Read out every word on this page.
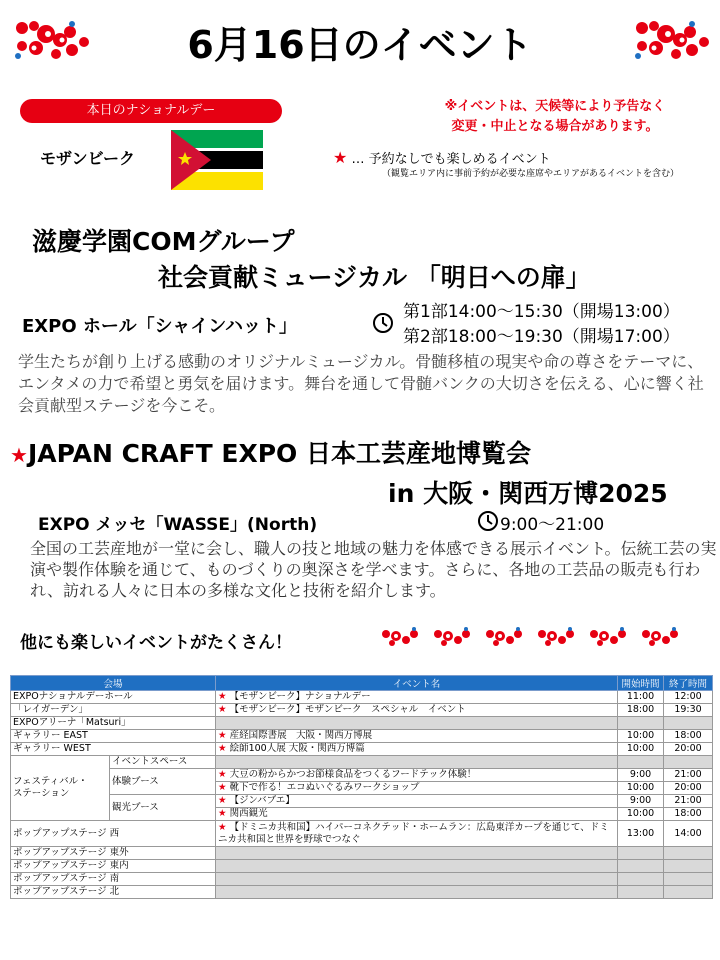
6月16日のイベント
本日のナショナルデー
モザンビーク
※イベントは、天候等により予告なく
変更・中止となる場合があります。
★ … 予約なしでも楽しめるイベント
（観覧エリア内に事前予約が必要な座席やエリアがあるイベントを含む）
滋慶学園COMグループ
社会貢献ミュージカル 「明日への扉」
EXPO ホール「シャインハット」
第1部14:00～15:30（開場13:00）
第2部18:00～19:30（開場17:00）
学生たちが創り上げる感動のオリジナルミュージカル。骨髄移植の現実や命の尊さをテーマに、エンタメの力で希望と勇気を届けます。舞台を通して骨髄バンクの大切さを伝える、心に響く社会貢献型ステージを今こそ。
★JAPAN CRAFT EXPO 日本工芸産地博覧会
in 大阪・関西万博2025
EXPO メッセ「WASSE」(North)	9:00～21:00
全国の工芸産地が一堂に会し、職人の技と地域の魅力を体感できる展示イベント。伝統工芸の実演や製作体験を通じて、ものづくりの奥深さを学べます。さらに、各地の工芸品の販売も行われ、訪れる人々に日本の多様な文化と技術を紹介します。
他にも楽しいイベントがたくさん！
会場		イベント名	開始時間	終了時間
EXPOナショナルデーホール		★ 【モザンビーク】ナショナルデー	11:00	12:00
「レイガーデン」		★ 【モザンビーク】モザンビーク　スペシャル　イベント	18:00	19:30
EXPOアリーナ「Matsuri」				
ギャラリー EAST		★ 産経国際書展　大阪・関西万博展	10:00	18:00
ギャラリー WEST		★ 絵師100人展 大阪・関西万博篇	10:00	20:00
フェスティバル・
ステーション	イベントスペース			
	体験ブース	★ 大豆の粉からかつお節様食品をつくるフードテック体験！	9:00	21:00
		★ 靴下で作る！エコぬいぐるみワークショップ	10:00	20:00
	観光ブース	★ 【ジンバブエ】	9:00	21:00
		★ 関西観光	10:00	18:00
ポップアップステージ 西		★ 【ドミニカ共和国】ハイパーコネクテッド・ホームラン：広島東洋カープを通じて、ドミニカ共和国と世界を野球でつなぐ	13:00	14:00
ポップアップステージ 東外				
ポップアップステージ 東内				
ポップアップステージ 南				
ポップアップステージ 北				
